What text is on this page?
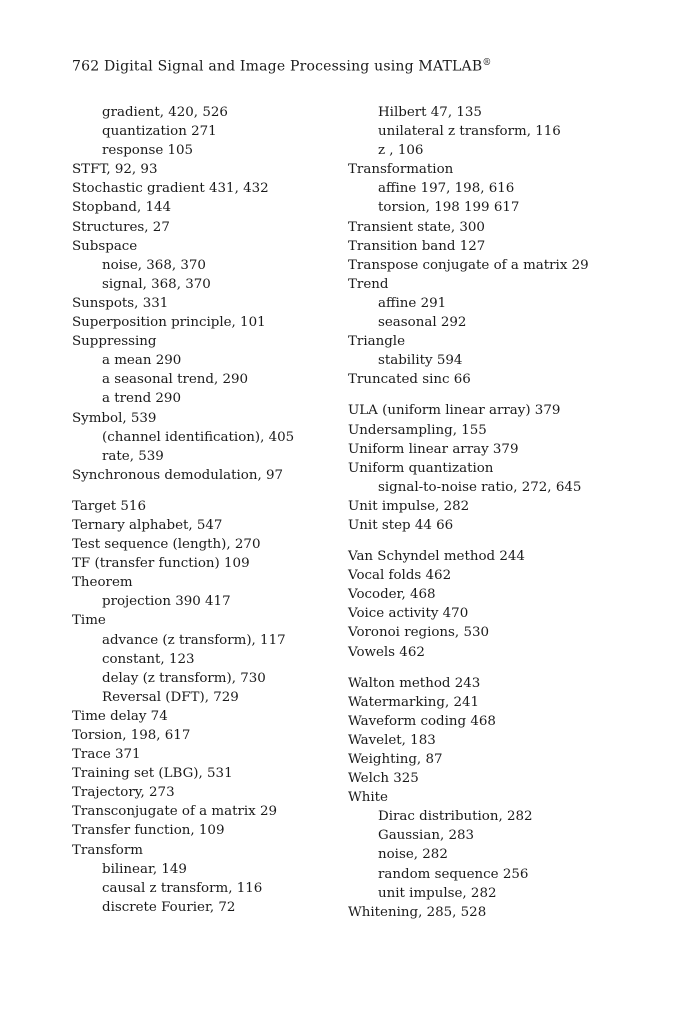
762 Digital Signal and Image Processing using MATLAB®
gradient, 420, 526
quantization 271
response 105
STFT, 92, 93
Stochastic gradient 431, 432
Stopband, 144
Structures, 27
Subspace
noise, 368, 370
signal, 368, 370
Sunspots, 331
Superposition principle, 101
Suppressing
a mean 290
a seasonal trend, 290
a trend 290
Symbol, 539
(channel identification), 405
rate, 539
Synchronous demodulation, 97
Target 516
Ternary alphabet, 547
Test sequence (length), 270
TF (transfer function) 109
Theorem
projection 390 417
Time
advance (z transform), 117
constant, 123
delay (z transform), 730
Reversal (DFT), 729
Time delay 74
Torsion, 198, 617
Trace 371
Training set (LBG), 531
Trajectory, 273
Transconjugate of a matrix 29
Transfer function, 109
Transform
bilinear, 149
causal z transform, 116
discrete Fourier, 72
Hilbert 47, 135
unilateral z transform, 116
z , 106
Transformation
affine 197, 198, 616
torsion, 198 199 617
Transient state, 300
Transition band 127
Transpose conjugate of a matrix 29
Trend
affine 291
seasonal 292
Triangle
stability 594
Truncated sinc 66
ULA (uniform linear array) 379
Undersampling, 155
Uniform linear array 379
Uniform quantization
signal-to-noise ratio, 272, 645
Unit impulse, 282
Unit step 44 66
Van Schyndel method 244
Vocal folds 462
Vocoder, 468
Voice activity 470
Voronoi regions, 530
Vowels 462
Walton method 243
Watermarking, 241
Waveform coding 468
Wavelet, 183
Weighting, 87
Welch 325
White
Dirac distribution, 282
Gaussian, 283
noise, 282
random sequence 256
unit impulse, 282
Whitening, 285, 528
